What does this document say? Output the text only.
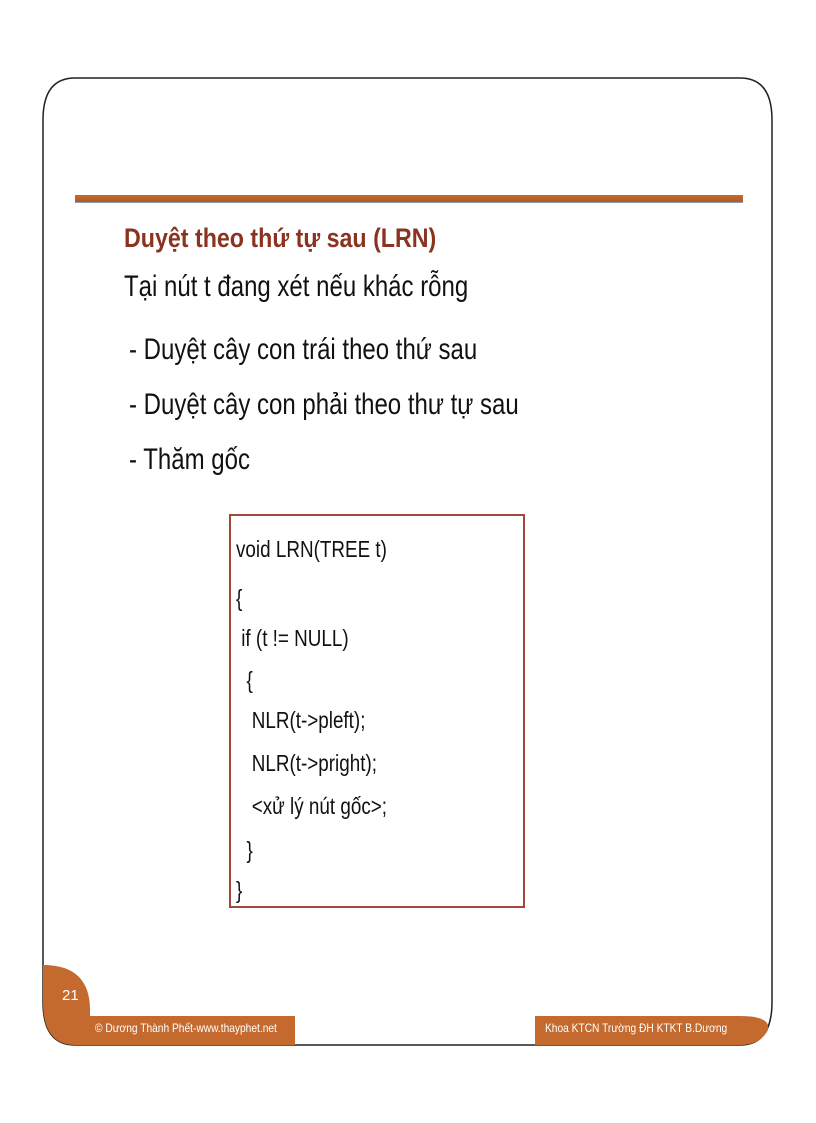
Duyệt theo thứ tự sau (LRN)
Tại nút t đang xét nếu khác rỗng
- Duyệt cây con trái theo thứ sau
- Duyệt cây con phải theo thư tự sau
- Thăm gốc
void LRN(TREE t)
{
if (t != NULL)
{
NLR(t->pleft);
NLR(t->pright);
<xử lý nút gốc>;
}
}
21
© Dương Thành Phết-www.thayphet.net	Khoa KTCN Trường ĐH KTKT B.Dương
